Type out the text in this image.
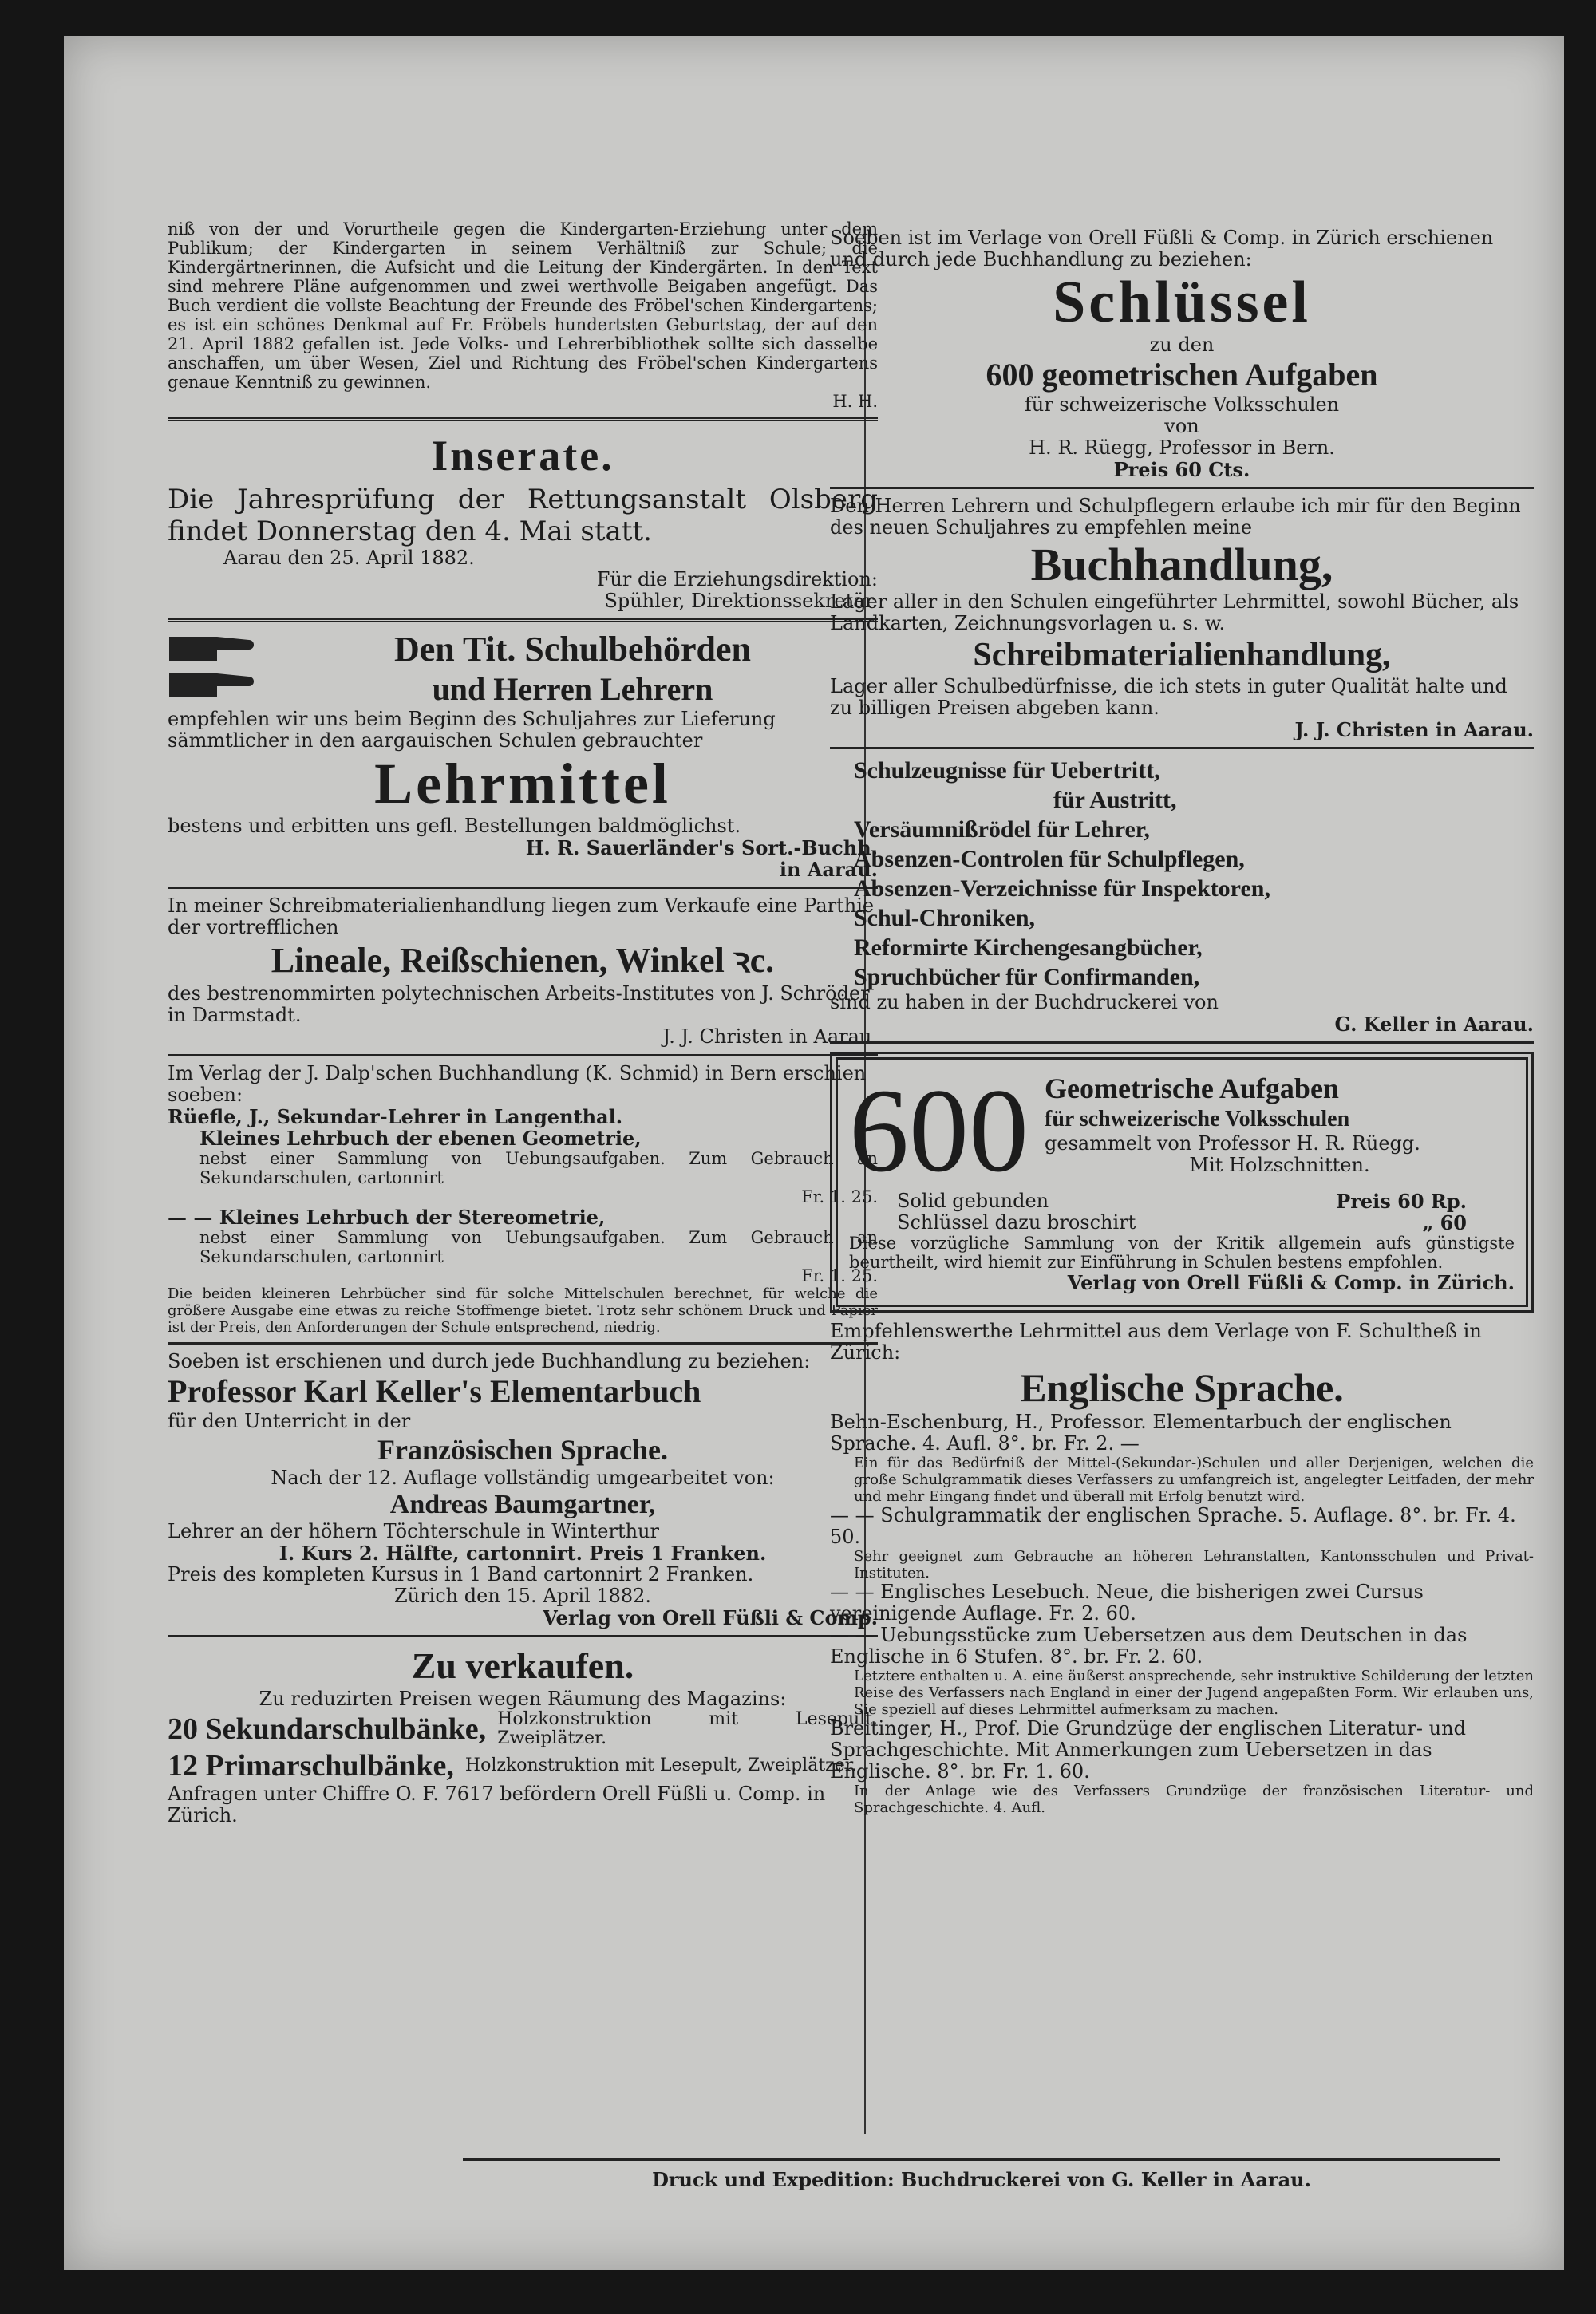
niß von der und Vorurtheile gegen die Kindergarten-Erziehung unter dem Publikum; der Kindergarten in seinem Verhältniß zur Schule; die Kindergärtnerinnen, die Aufsicht und die Leitung der Kindergärten. In den Text sind mehrere Pläne aufgenommen und zwei werthvolle Beigaben angefügt. Das Buch verdient die vollste Beachtung der Freunde des Fröbel'schen Kindergartens; es ist ein schönes Denkmal auf Fr. Fröbels hundertsten Geburtstag, der auf den 21. April 1882 gefallen ist. Jede Volks- und Lehrerbibliothek sollte sich dasselbe anschaffen, um über Wesen, Ziel und Richtung des Fröbel'schen Kindergartens genaue Kenntniß zu gewinnen.

H. H.

Inserate.

Die Jahresprüfung der Rettungsanstalt Olsberg findet Donnerstag den 4. Mai statt.

Aarau den 25. April 1882.

Für die Erziehungsdirektion:

Spühler, Direktionssekretär.

Den Tit. Schulbehörden

und Herren Lehrern

empfehlen wir uns beim Beginn des Schuljahres zur Lieferung sämmtlicher in den aargauischen Schulen gebrauchter

Lehrmittel

bestens und erbitten uns gefl. Bestellungen baldmöglichst.

H. R. Sauerländer's Sort.-Buchh.

in Aarau.

In meiner Schreibmaterialienhandlung liegen zum Verkaufe eine Parthie der vortrefflichen

Lineale, Reißschienen, Winkel ꝛc.

des bestrenommirten polytechnischen Arbeits-Institutes von J. Schröder in Darmstadt.

J. J. Christen in Aarau.

Im Verlag der J. Dalp'schen Buchhandlung (K. Schmid) in Bern erschien soeben:

Rüefle, J., Sekundar-Lehrer in Langenthal.

Kleines Lehrbuch der ebenen Geometrie,

nebst einer Sammlung von Uebungsaufgaben. Zum Gebrauch an Sekundarschulen, cartonnirt

Fr. 1. 25.

— — Kleines Lehrbuch der Stereometrie,

nebst einer Sammlung von Uebungsaufgaben. Zum Gebrauch an Sekundarschulen, cartonnirt

Fr. 1. 25.

Die beiden kleineren Lehrbücher sind für solche Mittelschulen berechnet, für welche die größere Ausgabe eine etwas zu reiche Stoffmenge bietet. Trotz sehr schönem Druck und Papier ist der Preis, den Anforderungen der Schule entsprechend, niedrig.

Soeben ist erschienen und durch jede Buchhandlung zu beziehen:

Professor Karl Keller's Elementarbuch

für den Unterricht in der

Französischen Sprache.

Nach der 12. Auflage vollständig umgearbeitet von:

Andreas Baumgartner,

Lehrer an der höhern Töchterschule in Winterthur

I. Kurs 2. Hälfte, cartonnirt. Preis 1 Franken.

Preis des kompleten Kursus in 1 Band cartonnirt 2 Franken.

Zürich den 15. April 1882.

Verlag von Orell Füßli & Comp.

Zu verkaufen.

Zu reduzirten Preisen wegen Räumung des Magazins:

20 Sekundarschulbänke, Holzkonstruktion mit Lesepult, Zweiplätzer.
12 Primarschulbänke, Holzkonstruktion mit Lesepult, Zweiplätzer.

Anfragen unter Chiffre O. F. 7617 befördern Orell Füßli u. Comp. in Zürich.

Soeben ist im Verlage von Orell Füßli & Comp. in Zürich erschienen und durch jede Buchhandlung zu beziehen:

Schlüssel

zu den

600 geometrischen Aufgaben

für schweizerische Volksschulen

von

H. R. Rüegg, Professor in Bern.

Preis 60 Cts.

Den Herren Lehrern und Schulpflegern erlaube ich mir für den Beginn des neuen Schuljahres zu empfehlen meine

Buchhandlung,

Lager aller in den Schulen eingeführter Lehrmittel, sowohl Bücher, als Landkarten, Zeichnungsvorlagen u. s. w.

Schreibmaterialienhandlung,

Lager aller Schulbedürfnisse, die ich stets in guter Qualität halte und zu billigen Preisen abgeben kann.

J. J. Christen in Aarau.

Schulzeugnisse für Uebertritt,

für Austritt,

Versäumnißrödel für Lehrer,

Absenzen-Controlen für Schulpflegen,

Absenzen-Verzeichnisse für Inspektoren,

Schul-Chroniken,

Reformirte Kirchengesangbücher,

Spruchbücher für Confirmanden,

sind zu haben in der Buchdruckerei von

G. Keller in Aarau.

600 Geometrische Aufgaben

für schweizerische Volksschulen

gesammelt von Professor H. R. Rüegg.

Mit Holzschnitten.

Solid gebunden	Preis 60 Rp.
Schlüssel dazu broschirt	„ 60

Diese vorzügliche Sammlung von der Kritik allgemein aufs günstigste beurtheilt, wird hiemit zur Einführung in Schulen bestens empfohlen.

Verlag von Orell Füßli & Comp. in Zürich.

Empfehlenswerthe Lehrmittel aus dem Verlage von F. Schultheß in Zürich:

Englische Sprache.

Behn-Eschenburg, H., Professor. Elementarbuch der englischen Sprache. 4. Aufl. 8°. br. Fr. 2. —

Ein für das Bedürfniß der Mittel-(Sekundar-)Schulen und aller Derjenigen, welchen die große Schulgrammatik dieses Verfassers zu umfangreich ist, angelegter Leitfaden, der mehr und mehr Eingang findet und überall mit Erfolg benutzt wird.

— — Schulgrammatik der englischen Sprache. 5. Auflage. 8°. br. Fr. 4. 50.

Sehr geeignet zum Gebrauche an höheren Lehranstalten, Kantonsschulen und Privat-Instituten.

— — Englisches Lesebuch. Neue, die bisherigen zwei Cursus vereinigende Auflage. Fr. 2. 60.

— — Uebungsstücke zum Uebersetzen aus dem Deutschen in das Englische in 6 Stufen. 8°. br. Fr. 2. 60.

Letztere enthalten u. A. eine äußerst ansprechende, sehr instruktive Schilderung der letzten Reise des Verfassers nach England in einer der Jugend angepaßten Form. Wir erlauben uns, Sie speziell auf dieses Lehrmittel aufmerksam zu machen.

Breitinger, H., Prof. Die Grundzüge der englischen Literatur- und Sprachgeschichte. Mit Anmerkungen zum Uebersetzen in das Englische. 8°. br. Fr. 1. 60.

In der Anlage wie des Verfassers Grundzüge der französischen Literatur- und Sprachgeschichte. 4. Aufl.

Druck und Expedition: Buchdruckerei von G. Keller in Aarau.
